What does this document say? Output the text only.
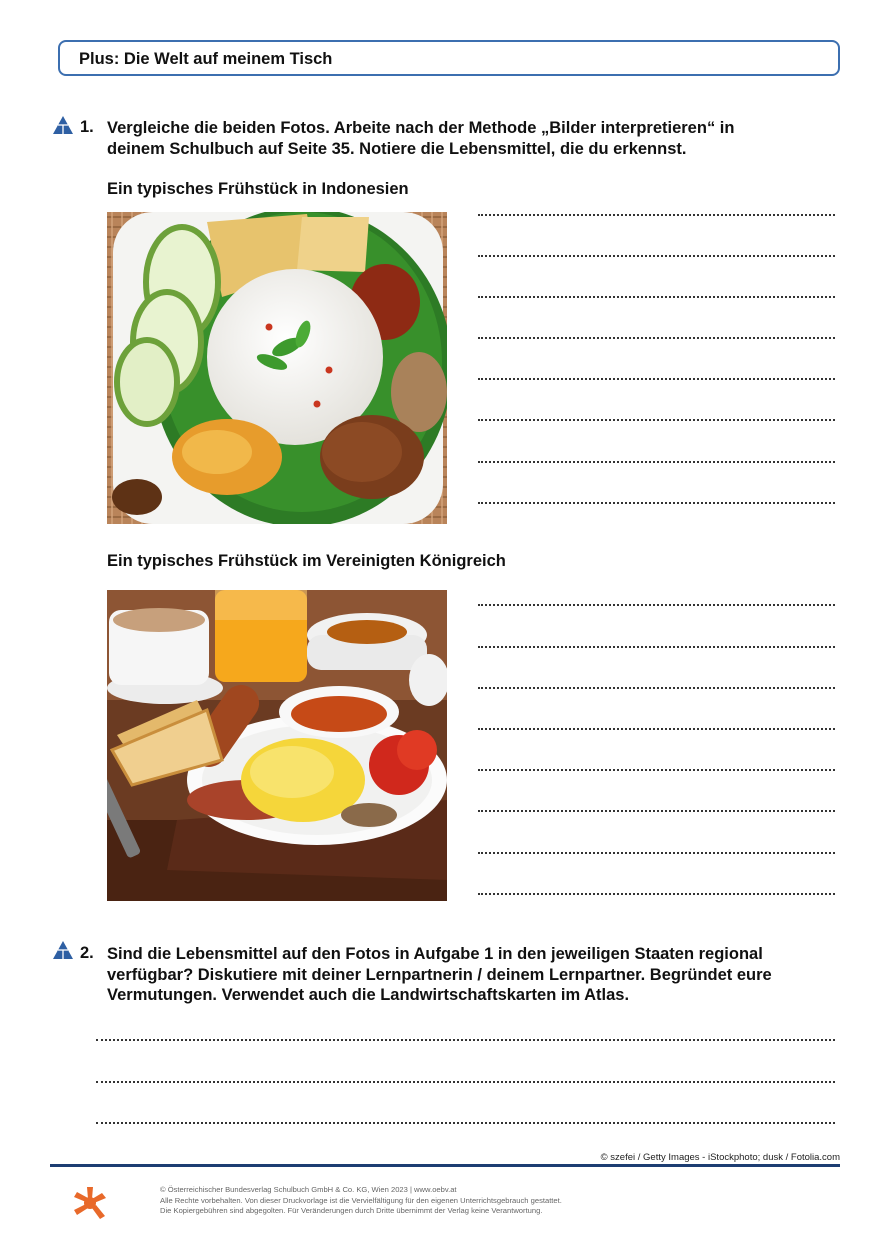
Plus: Die Welt auf meinem Tisch
1. Vergleiche die beiden Fotos. Arbeite nach der Methode „Bilder interpretieren“ in
deinem Schulbuch auf Seite 35. Notiere die Lebensmittel, die du erkennst.
Ein typisches Frühstück in Indonesien
Ein typisches Frühstück im Vereinigten Königreich
2. Sind die Lebensmittel auf den Fotos in Aufgabe 1 in den jeweiligen Staaten regional
verfügbar? Diskutiere mit deiner Lernpartnerin / deinem Lernpartner. Begründet eure
Vermutungen. Verwendet auch die Landwirtschaftskarten im Atlas.
© szefei / Getty Images - iStockphoto; dusk / Fotolia.com
© Österreichischer Bundesverlag Schulbuch GmbH & Co. KG, Wien 2023 | www.oebv.at
Alle Rechte vorbehalten. Von dieser Druckvorlage ist die Vervielfältigung für den eigenen Unterrichtsgebrauch gestattet.
Die Kopiergebühren sind abgegolten. Für Veränderungen durch Dritte übernimmt der Verlag keine Verantwortung.
